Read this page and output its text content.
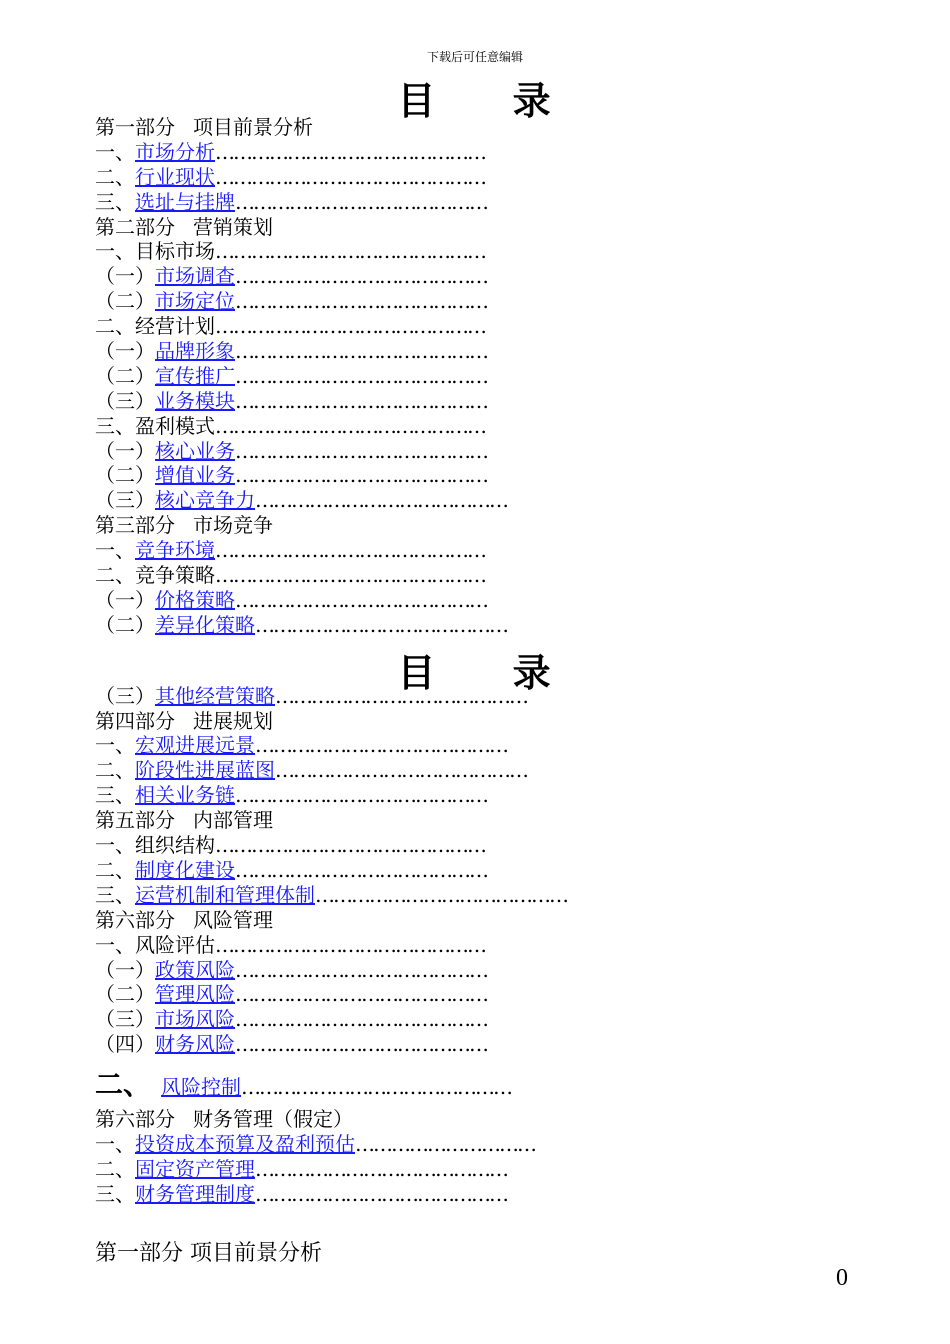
下载后可任意编辑
目 录
第一部分 项目前景分析
一、市场分析………………………………………
二、行业现状………………………………………
三、选址与挂牌……………………………………
第二部分 营销策划
一、目标市场………………………………………
（一）市场调查……………………………………
（二）市场定位……………………………………
二、经营计划………………………………………
（一）品牌形象……………………………………
（二）宣传推广……………………………………
（三）业务模块……………………………………
三、盈利模式………………………………………
（一）核心业务……………………………………
（二）增值业务……………………………………
（三）核心竞争力……………………………………
第三部分 市场竞争
一、竞争环境………………………………………
二、竞争策略………………………………………
（一）价格策略……………………………………
（二）差异化策略……………………………………
（三）其他经营策略……………………………………
第四部分 进展规划
一、宏观进展远景……………………………………
二、阶段性进展蓝图……………………………………
三、相关业务链……………………………………
第五部分 内部管理
一、组织结构………………………………………
二、制度化建设……………………………………
三、运营机制和管理体制……………………………………
第六部分 风险管理
一、风险评估………………………………………
（一）政策风险……………………………………
（二）管理风险……………………………………
（三）市场风险……………………………………
（四）财务风险……………………………………
二、 风险控制………………………………………
第六部分 财务管理（假定）
一、投资成本预算及盈利预估…………………………
二、固定资产管理……………………………………
三、财务管理制度……………………………………
目 录
第一部分 项目前景分析
0
